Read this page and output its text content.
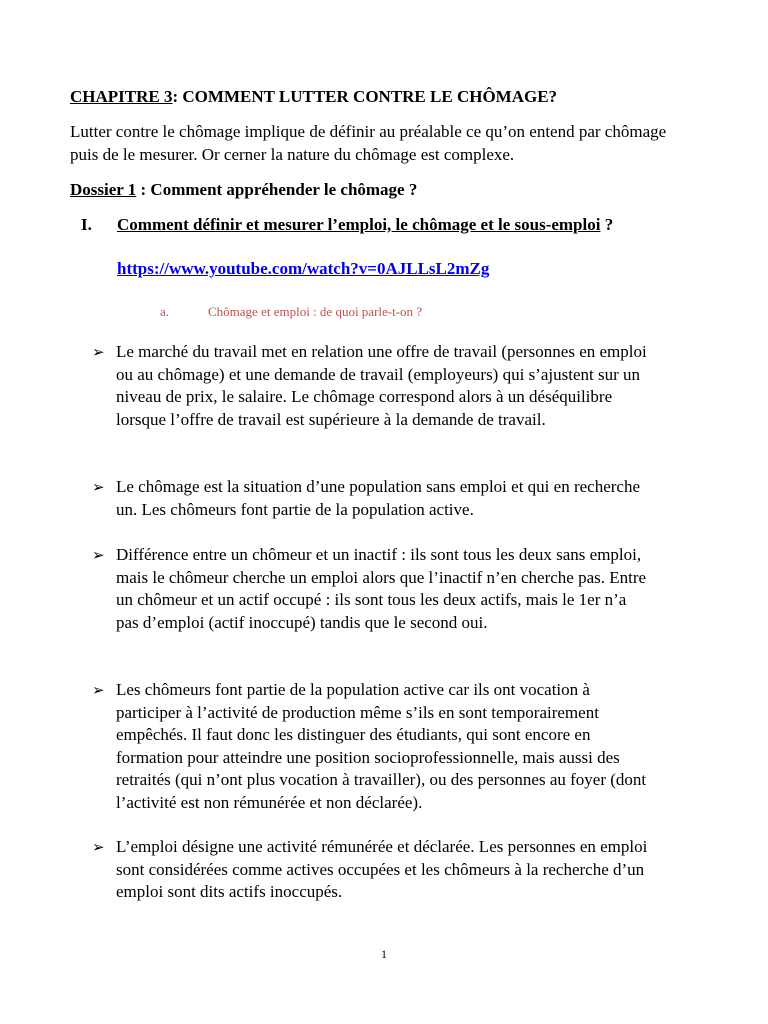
CHAPITRE 3: COMMENT LUTTER CONTRE LE CHÔMAGE?
Lutter contre le chômage implique de définir au préalable ce qu’on entend par chômage puis de le mesurer. Or cerner la nature du chômage est complexe.
Dossier 1 : Comment appréhender le chômage ?
I. Comment définir et mesurer l’emploi, le chômage et le sous-emploi ?
https://www.youtube.com/watch?v=0AJLLsL2mZg
a.	Chômage et emploi : de quoi parle-t-on ?
➢ Le marché du travail met en relation une offre de travail (personnes en emploi ou au chômage) et une demande de travail (employeurs) qui s’ajustent sur un niveau de prix, le salaire. Le chômage correspond alors à un déséquilibre lorsque l’offre de travail est supérieure à la demande de travail.
➢ Le chômage est la situation d’une population sans emploi et qui en recherche un. Les chômeurs font partie de la population active.
➢ Différence entre un chômeur et un inactif : ils sont tous les deux sans emploi, mais le chômeur cherche un emploi alors que l’inactif n’en cherche pas. Entre un chômeur et un actif occupé : ils sont tous les deux actifs, mais le 1er n’a pas d’emploi (actif inoccupé) tandis que le second oui.
➢ Les chômeurs font partie de la population active car ils ont vocation à participer à l’activité de production même s’ils en sont temporairement empêchés. Il faut donc les distinguer des étudiants, qui sont encore en formation pour atteindre une position socioprofessionnelle, mais aussi des retraités (qui n’ont plus vocation à travailler), ou des personnes au foyer (dont l’activité est non rémunérée et non déclarée).
➢ L’emploi désigne une activité rémunérée et déclarée. Les personnes en emploi sont considérées comme actives occupées et les chômeurs à la recherche d’un emploi sont dits actifs inoccupés.
1
